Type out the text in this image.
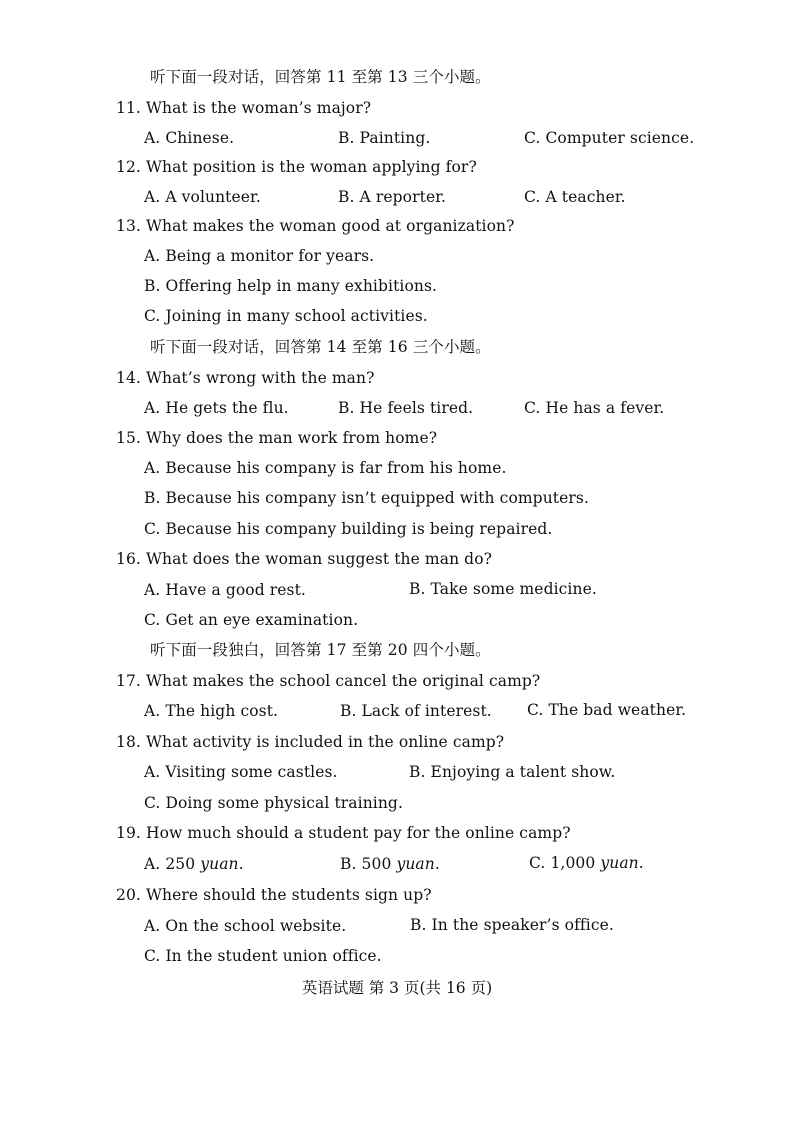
听下面一段对话，回答第 11 至第 13 三个小题。
11. What is the woman’s major?
A. Chinese.	B. Painting.	C. Computer science.
12. What position is the woman applying for?
A. A volunteer.	B. A reporter.	C. A teacher.
13. What makes the woman good at organization?
A. Being a monitor for years.
B. Offering help in many exhibitions.
C. Joining in many school activities.
听下面一段对话，回答第 14 至第 16 三个小题。
14. What’s wrong with the man?
A. He gets the flu.	B. He feels tired.	C. He has a fever.
15. Why does the man work from home?
A. Because his company is far from his home.
B. Because his company isn’t equipped with computers.
C. Because his company building is being repaired.
16. What does the woman suggest the man do?
A. Have a good rest.	B. Take some medicine.
C. Get an eye examination.
听下面一段独白，回答第 17 至第 20 四个小题。
17. What makes the school cancel the original camp?
A. The high cost.	B. Lack of interest. C. The bad weather.
18. What activity is included in the online camp?
A. Visiting some castles.	B. Enjoying a talent show.
C. Doing some physical training.
19. How much should a student pay for the online camp?
A. 250 yuan.	B. 500 yuan.	C. 1,000 yuan.
20. Where should the students sign up?
A. On the school website.	B. In the speaker’s office.
C. In the student union office.
英语试题 第 3 页(共 16 页)
